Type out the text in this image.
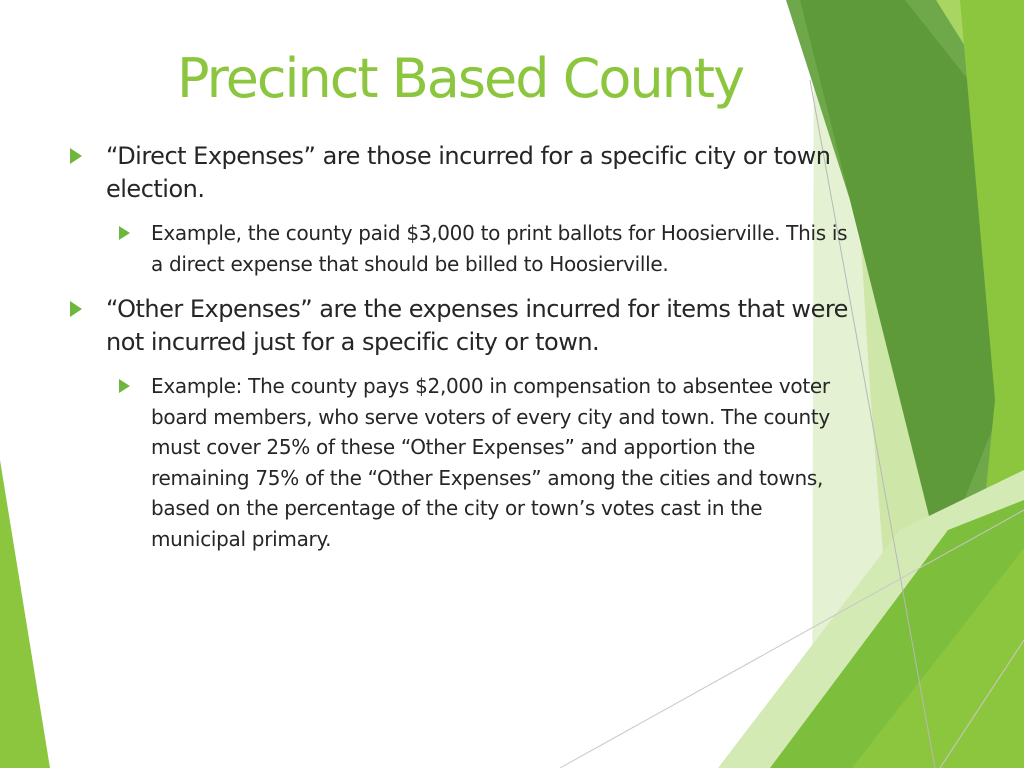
Precinct Based County
“Direct Expenses” are those incurred for a specific city or town election.
Example, the county paid $3,000 to print ballots for Hoosierville. This is a direct expense that should be billed to Hoosierville.
“Other Expenses” are the expenses incurred for items that were not incurred just for a specific city or town.
Example: The county pays $2,000 in compensation to absentee voter board members, who serve voters of every city and town. The county must cover 25% of these “Other Expenses” and apportion the remaining 75% of the “Other Expenses” among the cities and towns, based on the percentage of the city or town’s votes cast in the municipal primary.
